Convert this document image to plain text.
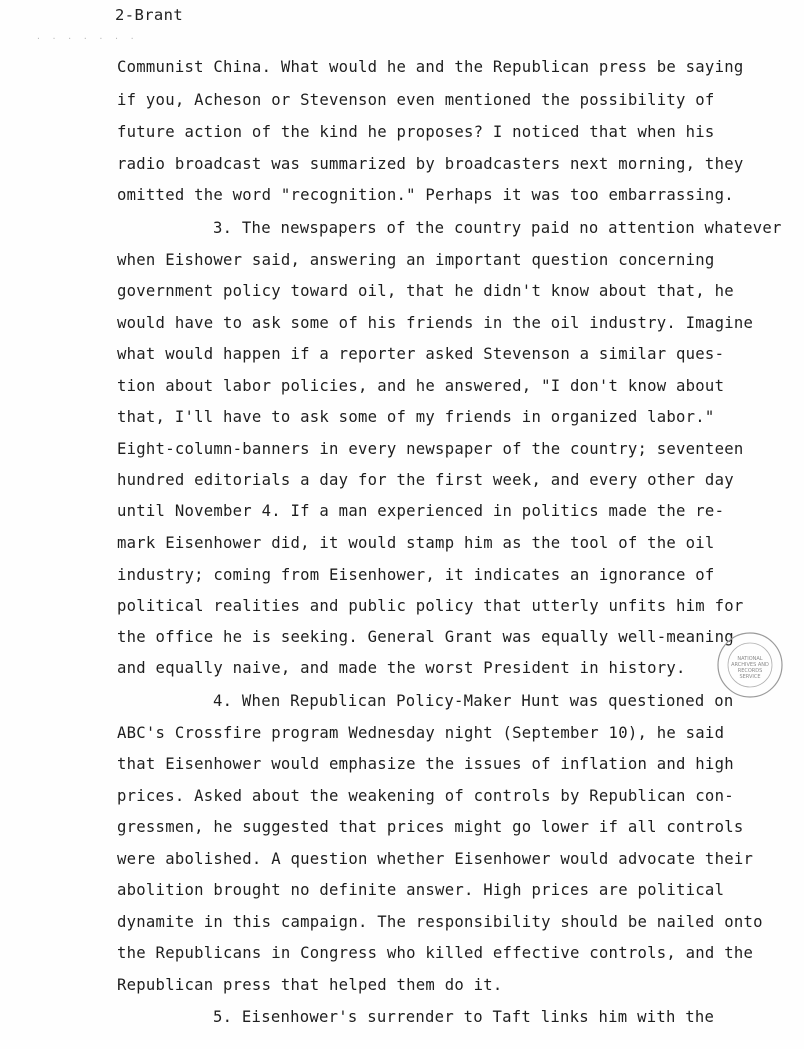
2-Brant
· · · · · · ·
Communist China. What would he and the Republican press be saying
if you, Acheson or Stevenson even mentioned the possibility of
future action of the kind he proposes? I noticed that when his
radio broadcast was summarized by broadcasters next morning, they
omitted the word "recognition." Perhaps it was too embarrassing.
3. The newspapers of the country paid no attention whatever
when Eishower said, answering an important question concerning
government policy toward oil, that he didn't know about that, he
would have to ask some of his friends in the oil industry. Imagine
what would happen if a reporter asked Stevenson a similar ques-
tion about labor policies, and he answered, "I don't know about
that, I'll have to ask some of my friends in organized labor."
Eight-column-banners in every newspaper of the country; seventeen
hundred editorials a day for the first week, and every other day
until November 4. If a man experienced in politics made the re-
mark Eisenhower did, it would stamp him as the tool of the oil
industry; coming from Eisenhower, it indicates an ignorance of
political realities and public policy that utterly unfits him for
the office he is seeking. General Grant was equally well-meaning
and equally naive, and made the worst President in history.
4. When Republican Policy-Maker Hunt was questioned on
ABC's Crossfire program Wednesday night (September 10), he said
that Eisenhower would emphasize the issues of inflation and high
prices. Asked about the weakening of controls by Republican con-
gressmen, he suggested that prices might go lower if all controls
were abolished. A question whether Eisenhower would advocate their
abolition brought no definite answer. High prices are political
dynamite in this campaign. The responsibility should be nailed onto
the Republicans in Congress who killed effective controls, and the
Republican press that helped them do it.
5. Eisenhower's surrender to Taft links him with the
NATIONAL
ARCHIVES AND
RECORDS
SERVICE
